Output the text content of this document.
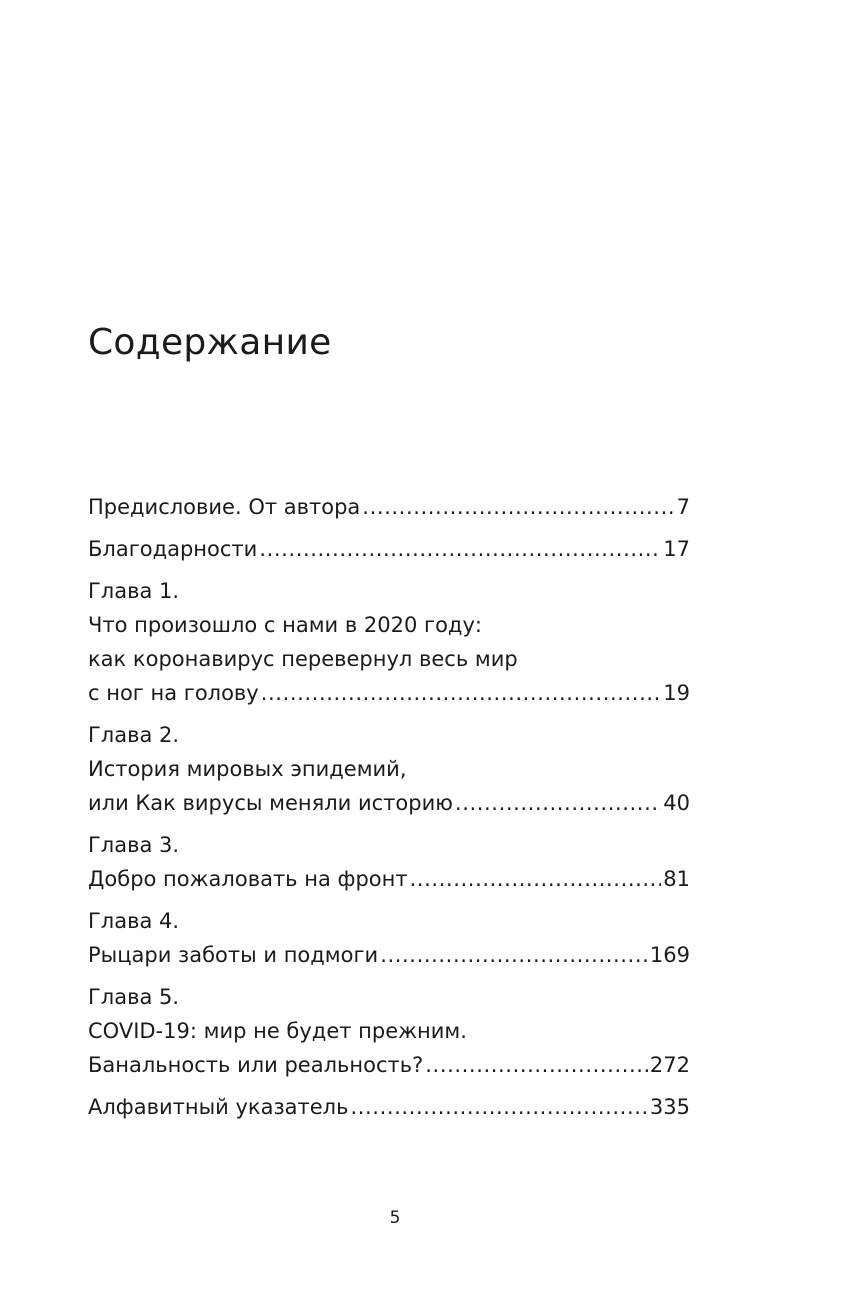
Содержание
Предисловие. От автора .....	7
Благодарности .....	17
Глава 1.
Что произошло с нами в 2020 году:
как коронавирус перевернул весь мир
с ног на голову .....	19
Глава 2.
История мировых эпидемий,
или Как вирусы меняли историю .....	40
Глава 3.
Добро пожаловать на фронт .....	81
Глава 4.
Рыцари заботы и подмоги .....	169
Глава 5.
COVID-19: мир не будет прежним.
Банальность или реальность? .....	272
Алфавитный указатель .....	335
5
